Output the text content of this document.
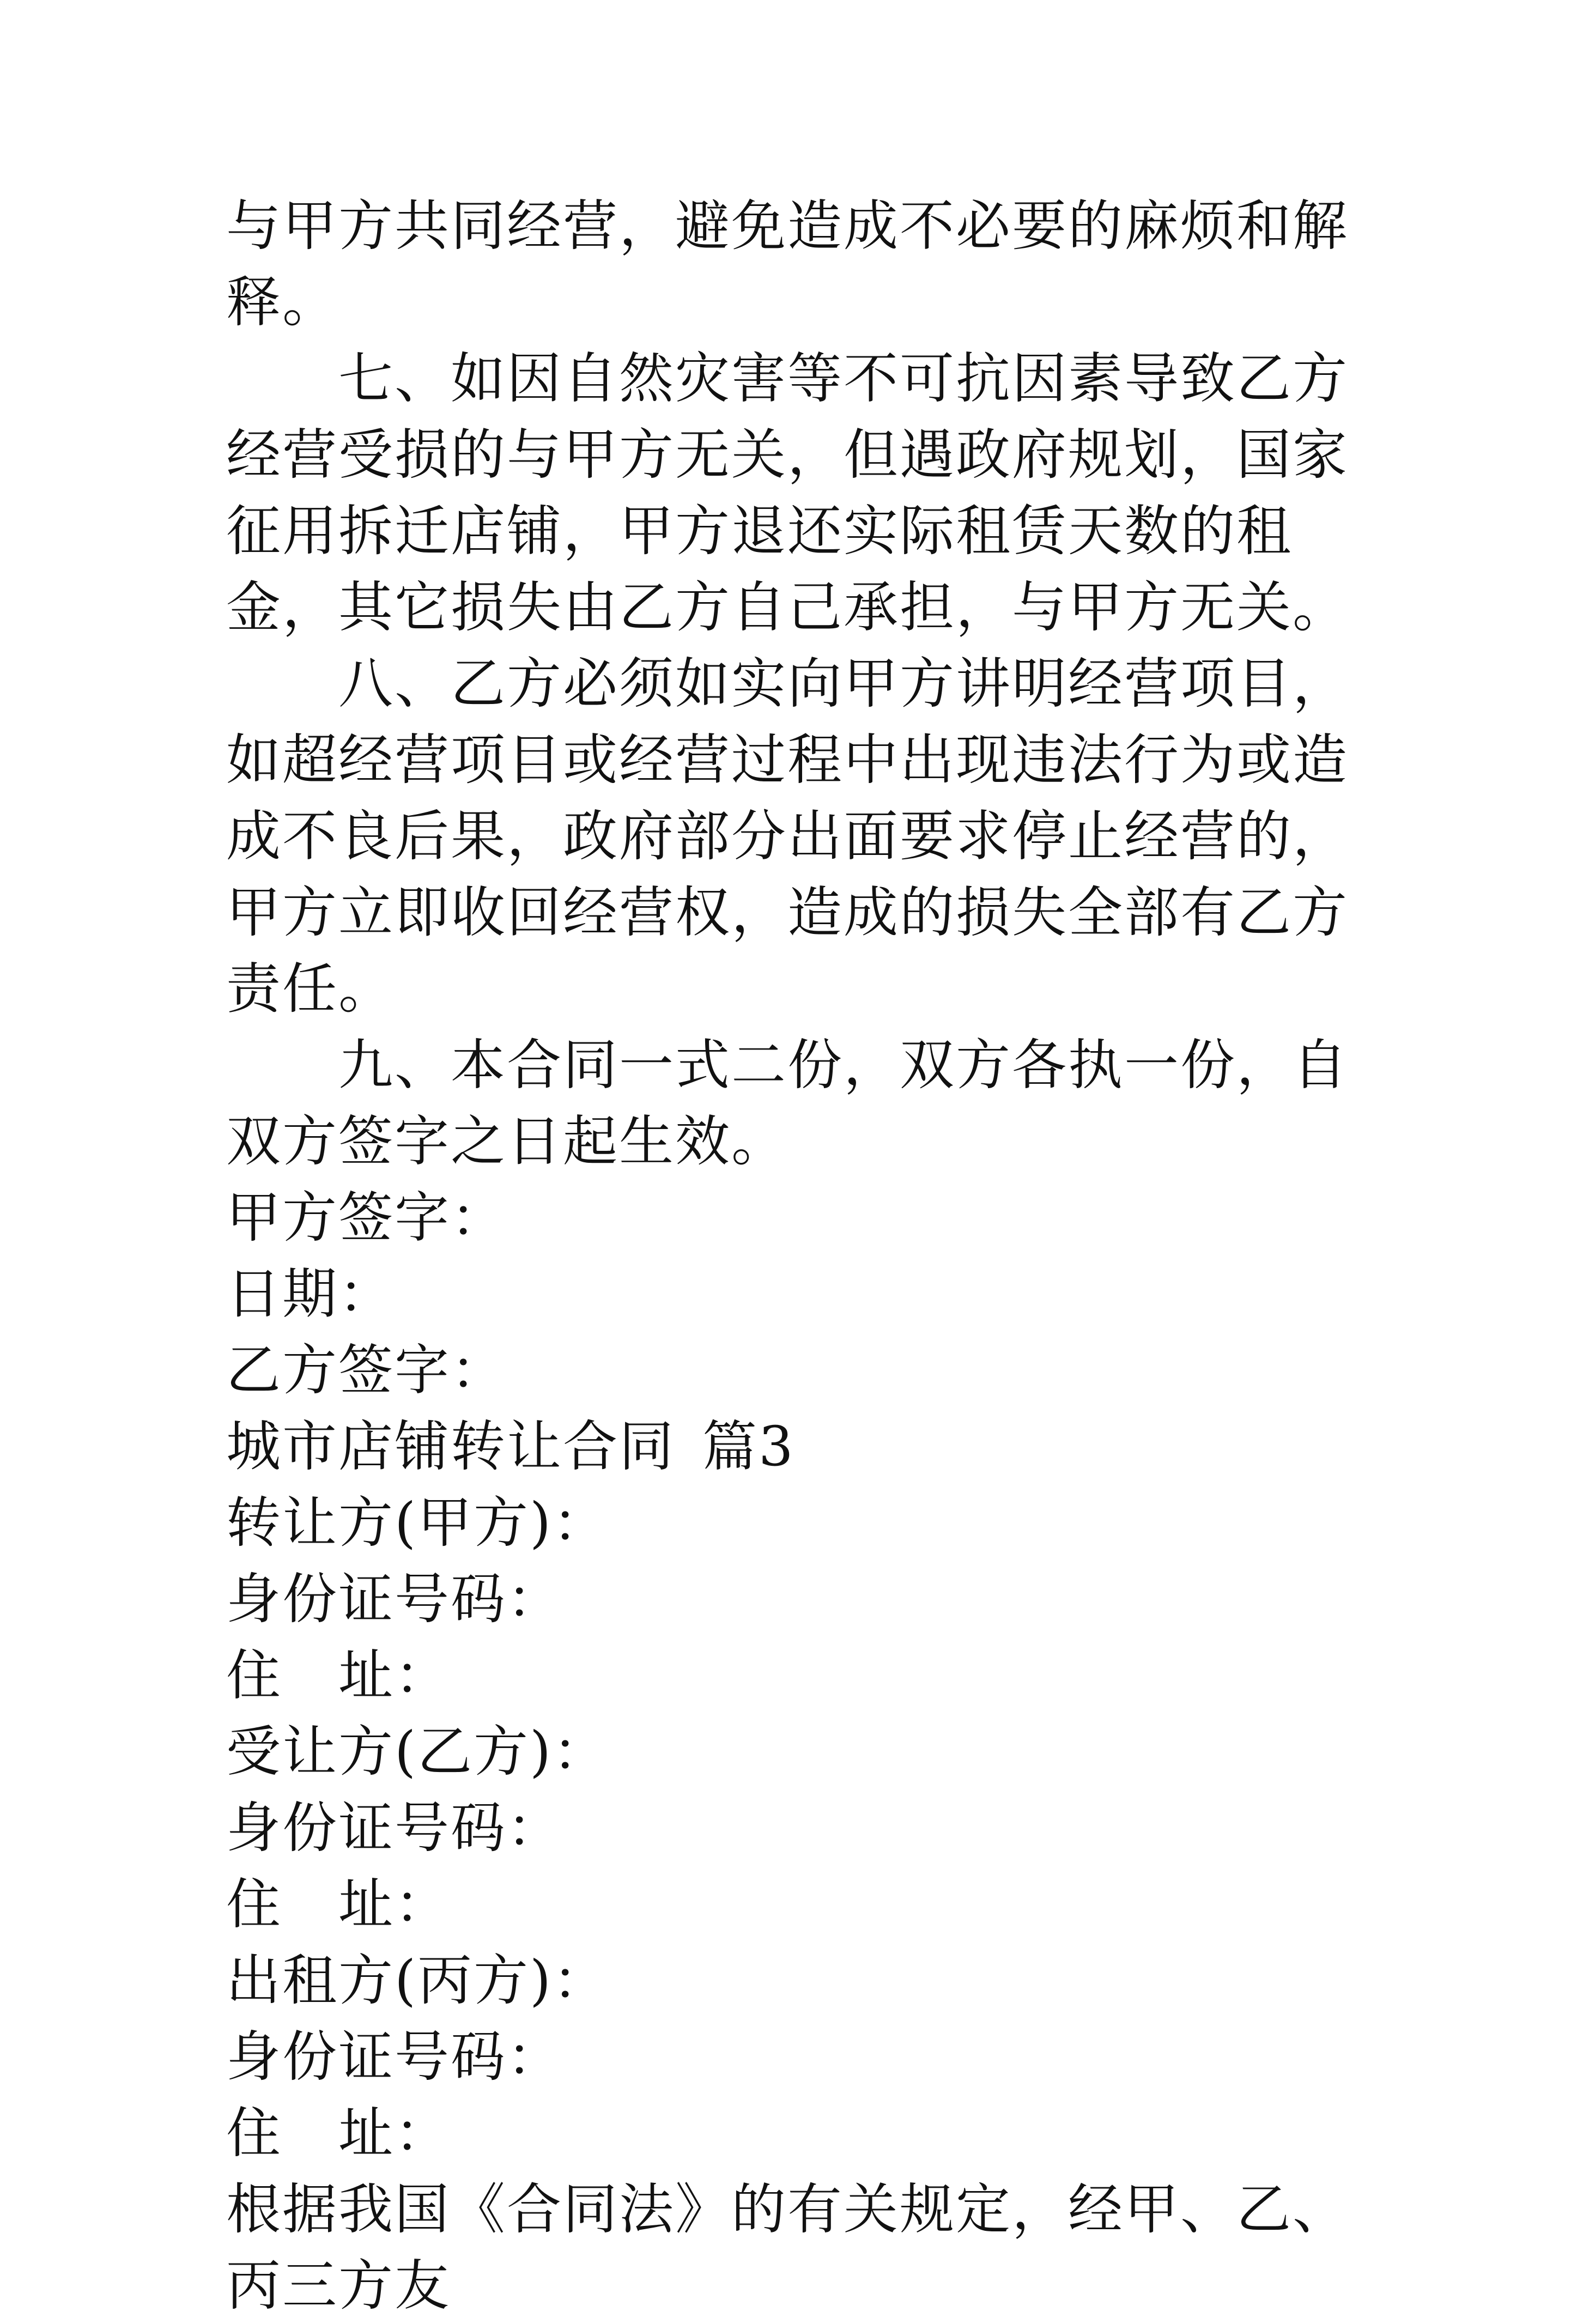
与甲方共同经营，避免造成不必要的麻烦和解释。

七、如因自然灾害等不可抗因素导致乙方经营受损的与甲方无关，但遇政府规划，国家征用拆迁店铺，甲方退还实际租赁天数的租金，其它损失由乙方自己承担，与甲方无关。

八、乙方必须如实向甲方讲明经营项目，如超经营项目或经营过程中出现违法行为或造成不良后果，政府部分出面要求停止经营的，甲方立即收回经营权，造成的损失全部有乙方责任。

九、本合同一式二份，双方各执一份，自双方签字之日起生效。

甲方签字：

日期：

乙方签字：

城市店铺转让合同 篇3

转让方(甲方)：

身份证号码：

住　址：

受让方(乙方)：

身份证号码：

住　址：

出租方(丙方)：

身份证号码：

住　址：

根据我国《合同法》的有关规定，经甲、乙、丙三方友
